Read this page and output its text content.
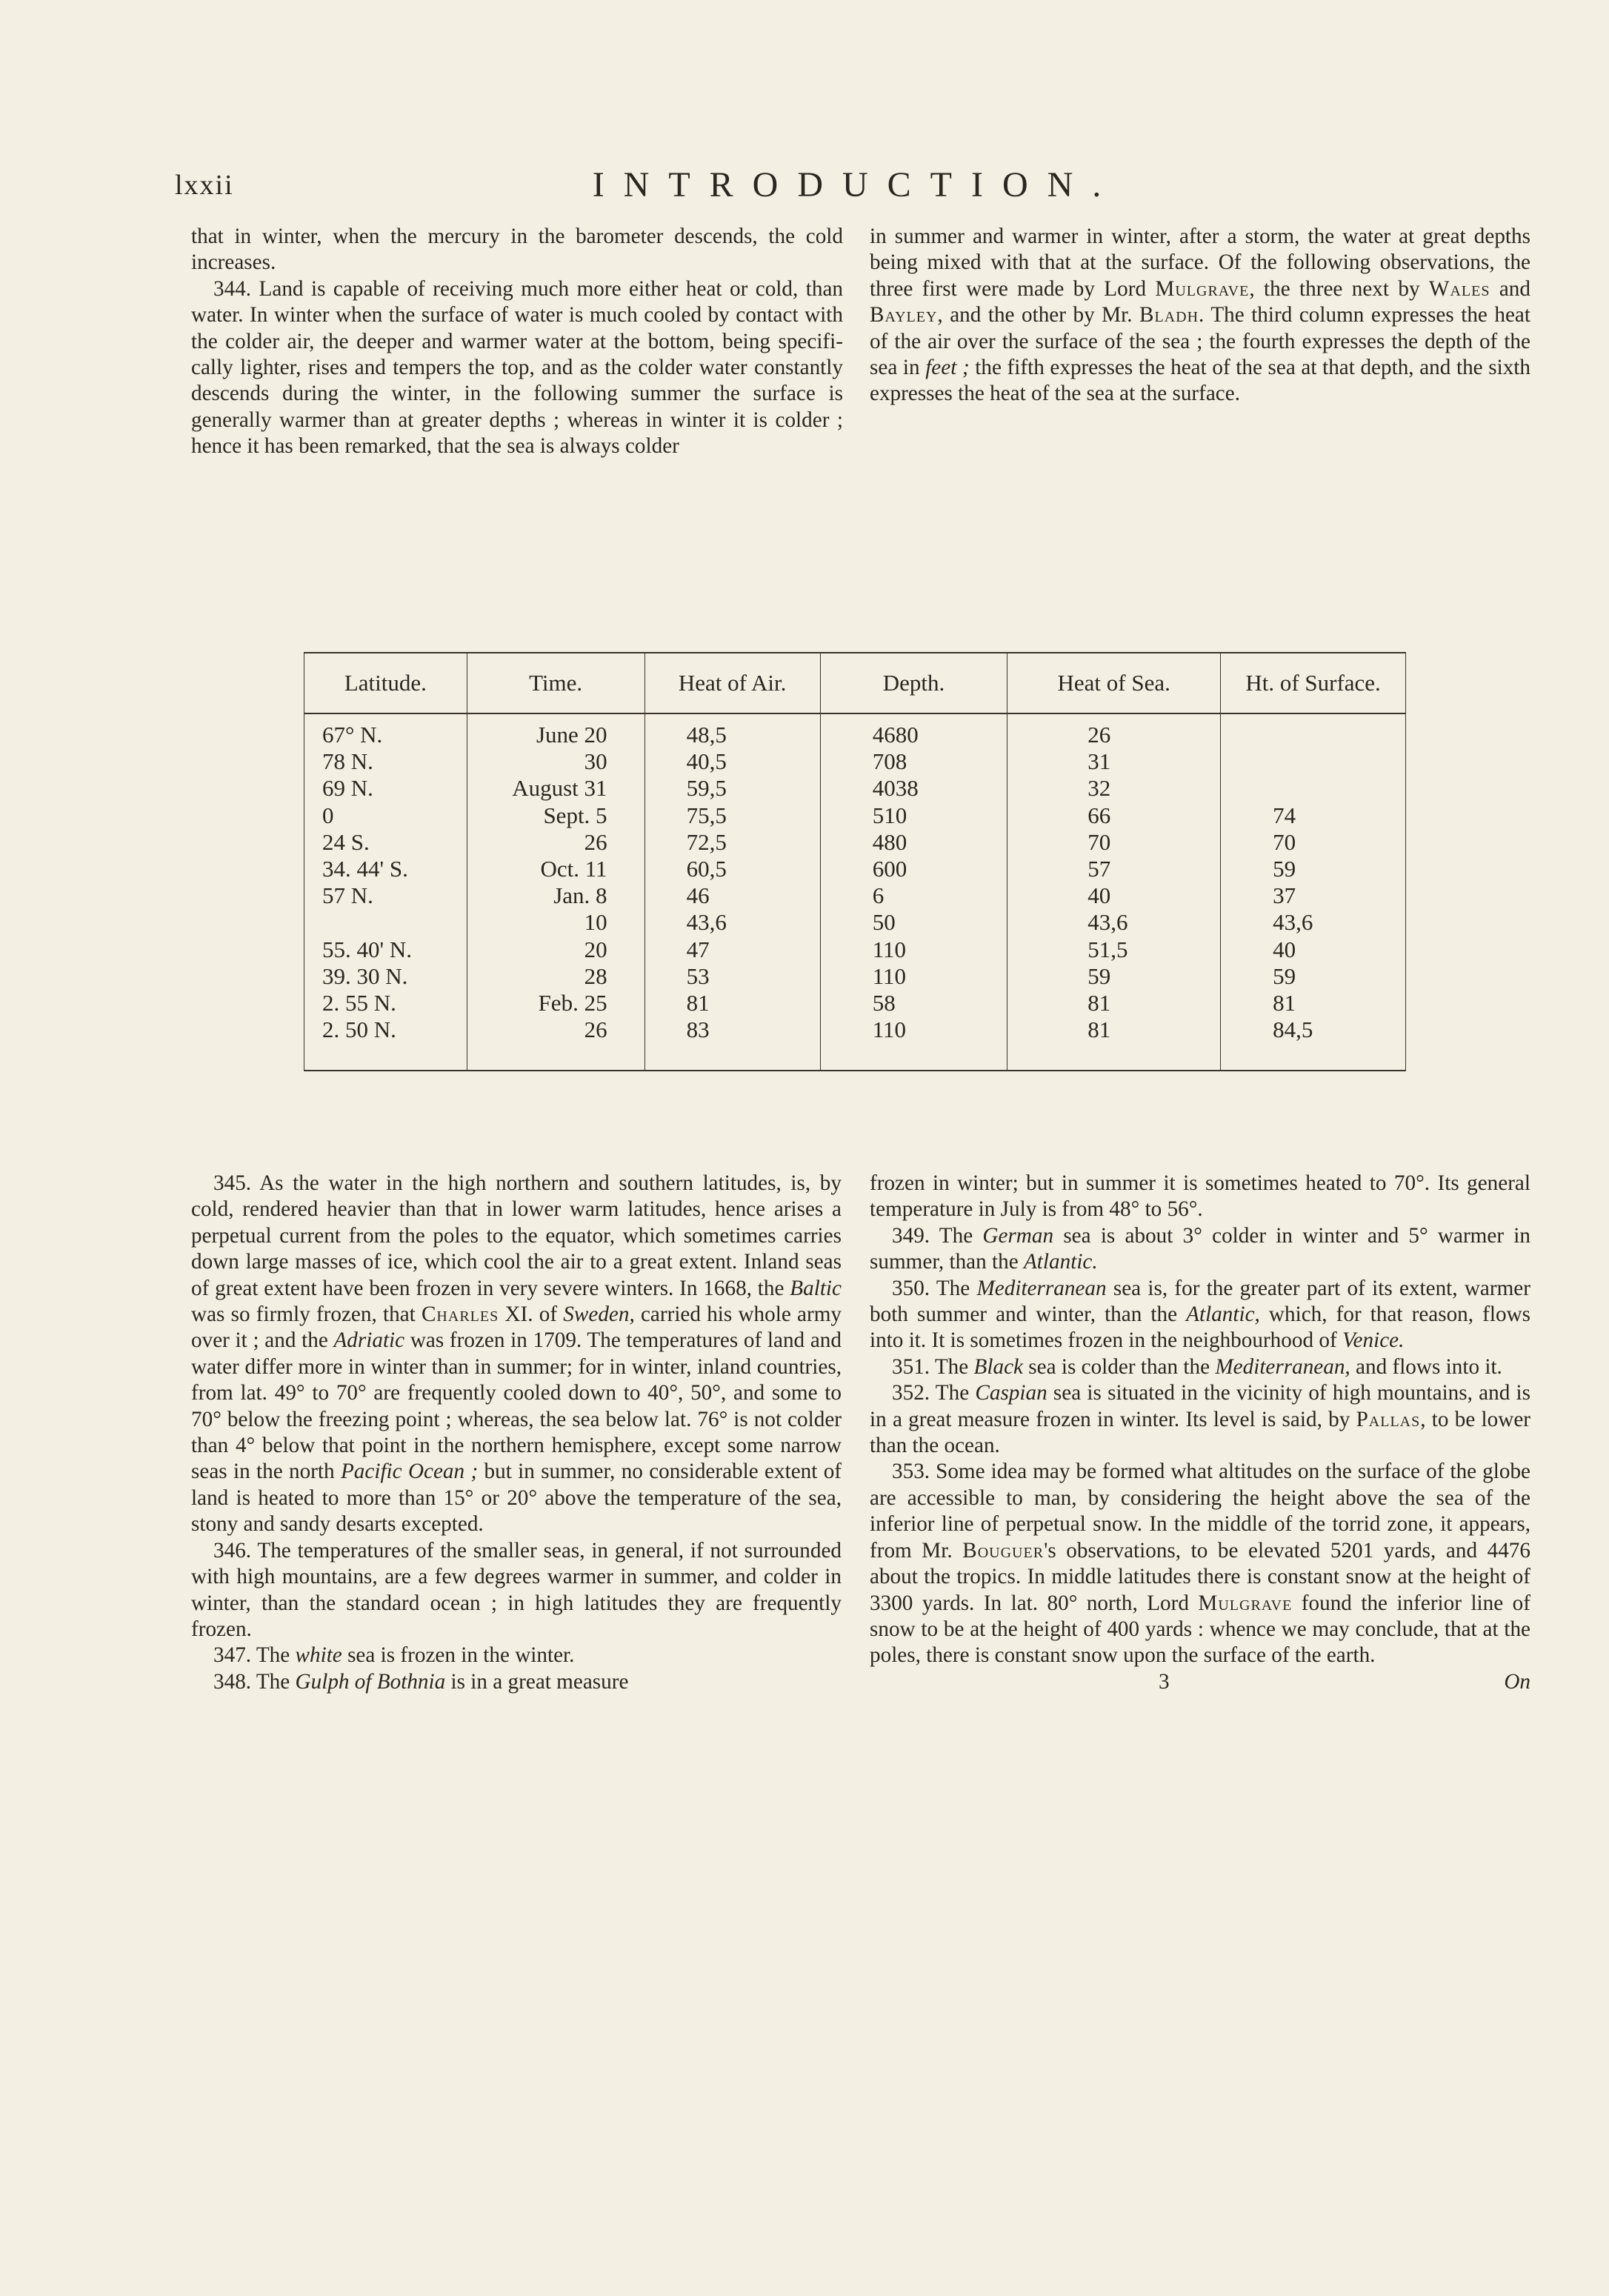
lxxii	INTRODUCTION.

that in winter, when the mercury in the barometer descends, the cold increases.

344. Land is capable of receiving much more either heat or cold, than water. In winter when the surface of water is much cooled by contact with the colder air, the deeper and warmer water at the bottom, being specifically lighter, rises and tempers the top, and as the colder water constantly descends during the winter, in the following summer the surface is generally warmer than at greater depths ; whereas in winter it is colder ; hence it has been remarked, that the sea is always colder

in summer and warmer in winter, after a storm, the water at great depths being mixed with that at the surface. Of the following observations, the three first were made by Lord Mulgrave, the three next by Wales and Bayley, and the other by Mr. Bladh. The third column expresses the heat of the air over the surface of the sea ; the fourth expresses the depth of the sea in feet ; the fifth expresses the heat of the sea at that depth, and the sixth expresses the heat of the sea at the surface.

Latitude.	Time.	Heat of Air.	Depth.	Heat of Sea.	Ht. of Surface.
67° N.	June 20	48,5	4680	26	
78 N.	30	40,5	708	31	
69 N.	August 31	59,5	4038	32	
0	Sept. 5	75,5	510	66	74
24 S.	26	72,5	480	70	70
34. 44' S.	Oct. 11	60,5	600	57	59
57 N.	Jan. 8	46	6	40	37
	10	43,6	50	43,6	43,6
55. 40' N.	20	47	110	51,5	40
39. 30 N.	28	53	110	59	59
2. 55 N.	Feb. 25	81	58	81	81
2. 50 N.	26	83	110	81	84,5

345. As the water in the high northern and southern latitudes, is, by cold, rendered heavier than that in lower warm latitudes, hence arises a perpetual current from the poles to the equator, which sometimes carries down large masses of ice, which cool the air to a great extent. Inland seas of great extent have been frozen in very severe winters. In 1668, the Baltic was so firmly frozen, that Charles XI. of Sweden, carried his whole army over it ; and the Adriatic was frozen in 1709. The temperatures of land and water differ more in winter than in summer; for in winter, inland countries, from lat. 49° to 70° are frequently cooled down to 40°, 50°, and some to 70° below the freezing point ; whereas, the sea below lat. 76° is not colder than 4° below that point in the northern hemisphere, except some narrow seas in the north Pacific Ocean ; but in summer, no considerable extent of land is heated to more than 15° or 20° above the temperature of the sea, stony and sandy desarts excepted.

346. The temperatures of the smaller seas, in general, if not surrounded with high mountains, are a few degrees warmer in summer, and colder in winter, than the standard ocean ; in high latitudes they are frequently frozen.

347. The white sea is frozen in the winter.

348. The Gulph of Bothnia is in a great measure

frozen in winter; but in summer it is sometimes heated to 70°. Its general temperature in July is from 48° to 56°.

349. The German sea is about 3° colder in winter and 5° warmer in summer, than the Atlantic.

350. The Mediterranean sea is, for the greater part of its extent, warmer both summer and winter, than the Atlantic, which, for that reason, flows into it. It is sometimes frozen in the neighbourhood of Venice.

351. The Black sea is colder than the Mediterranean, and flows into it.

352. The Caspian sea is situated in the vicinity of high mountains, and is in a great measure frozen in winter. Its level is said, by Pallas, to be lower than the ocean.

353. Some idea may be formed what altitudes on the surface of the globe are accessible to man, by considering the height above the sea of the inferior line of perpetual snow. In the middle of the torrid zone, it appears, from Mr. Bouguer's observations, to be elevated 5201 yards, and 4476 about the tropics. In middle latitudes there is constant snow at the height of 3300 yards. In lat. 80° north, Lord Mulgrave found the inferior line of snow to be at the height of 400 yards : whence we may conclude, that at the poles, there is constant snow upon the surface of the earth.

3	On
